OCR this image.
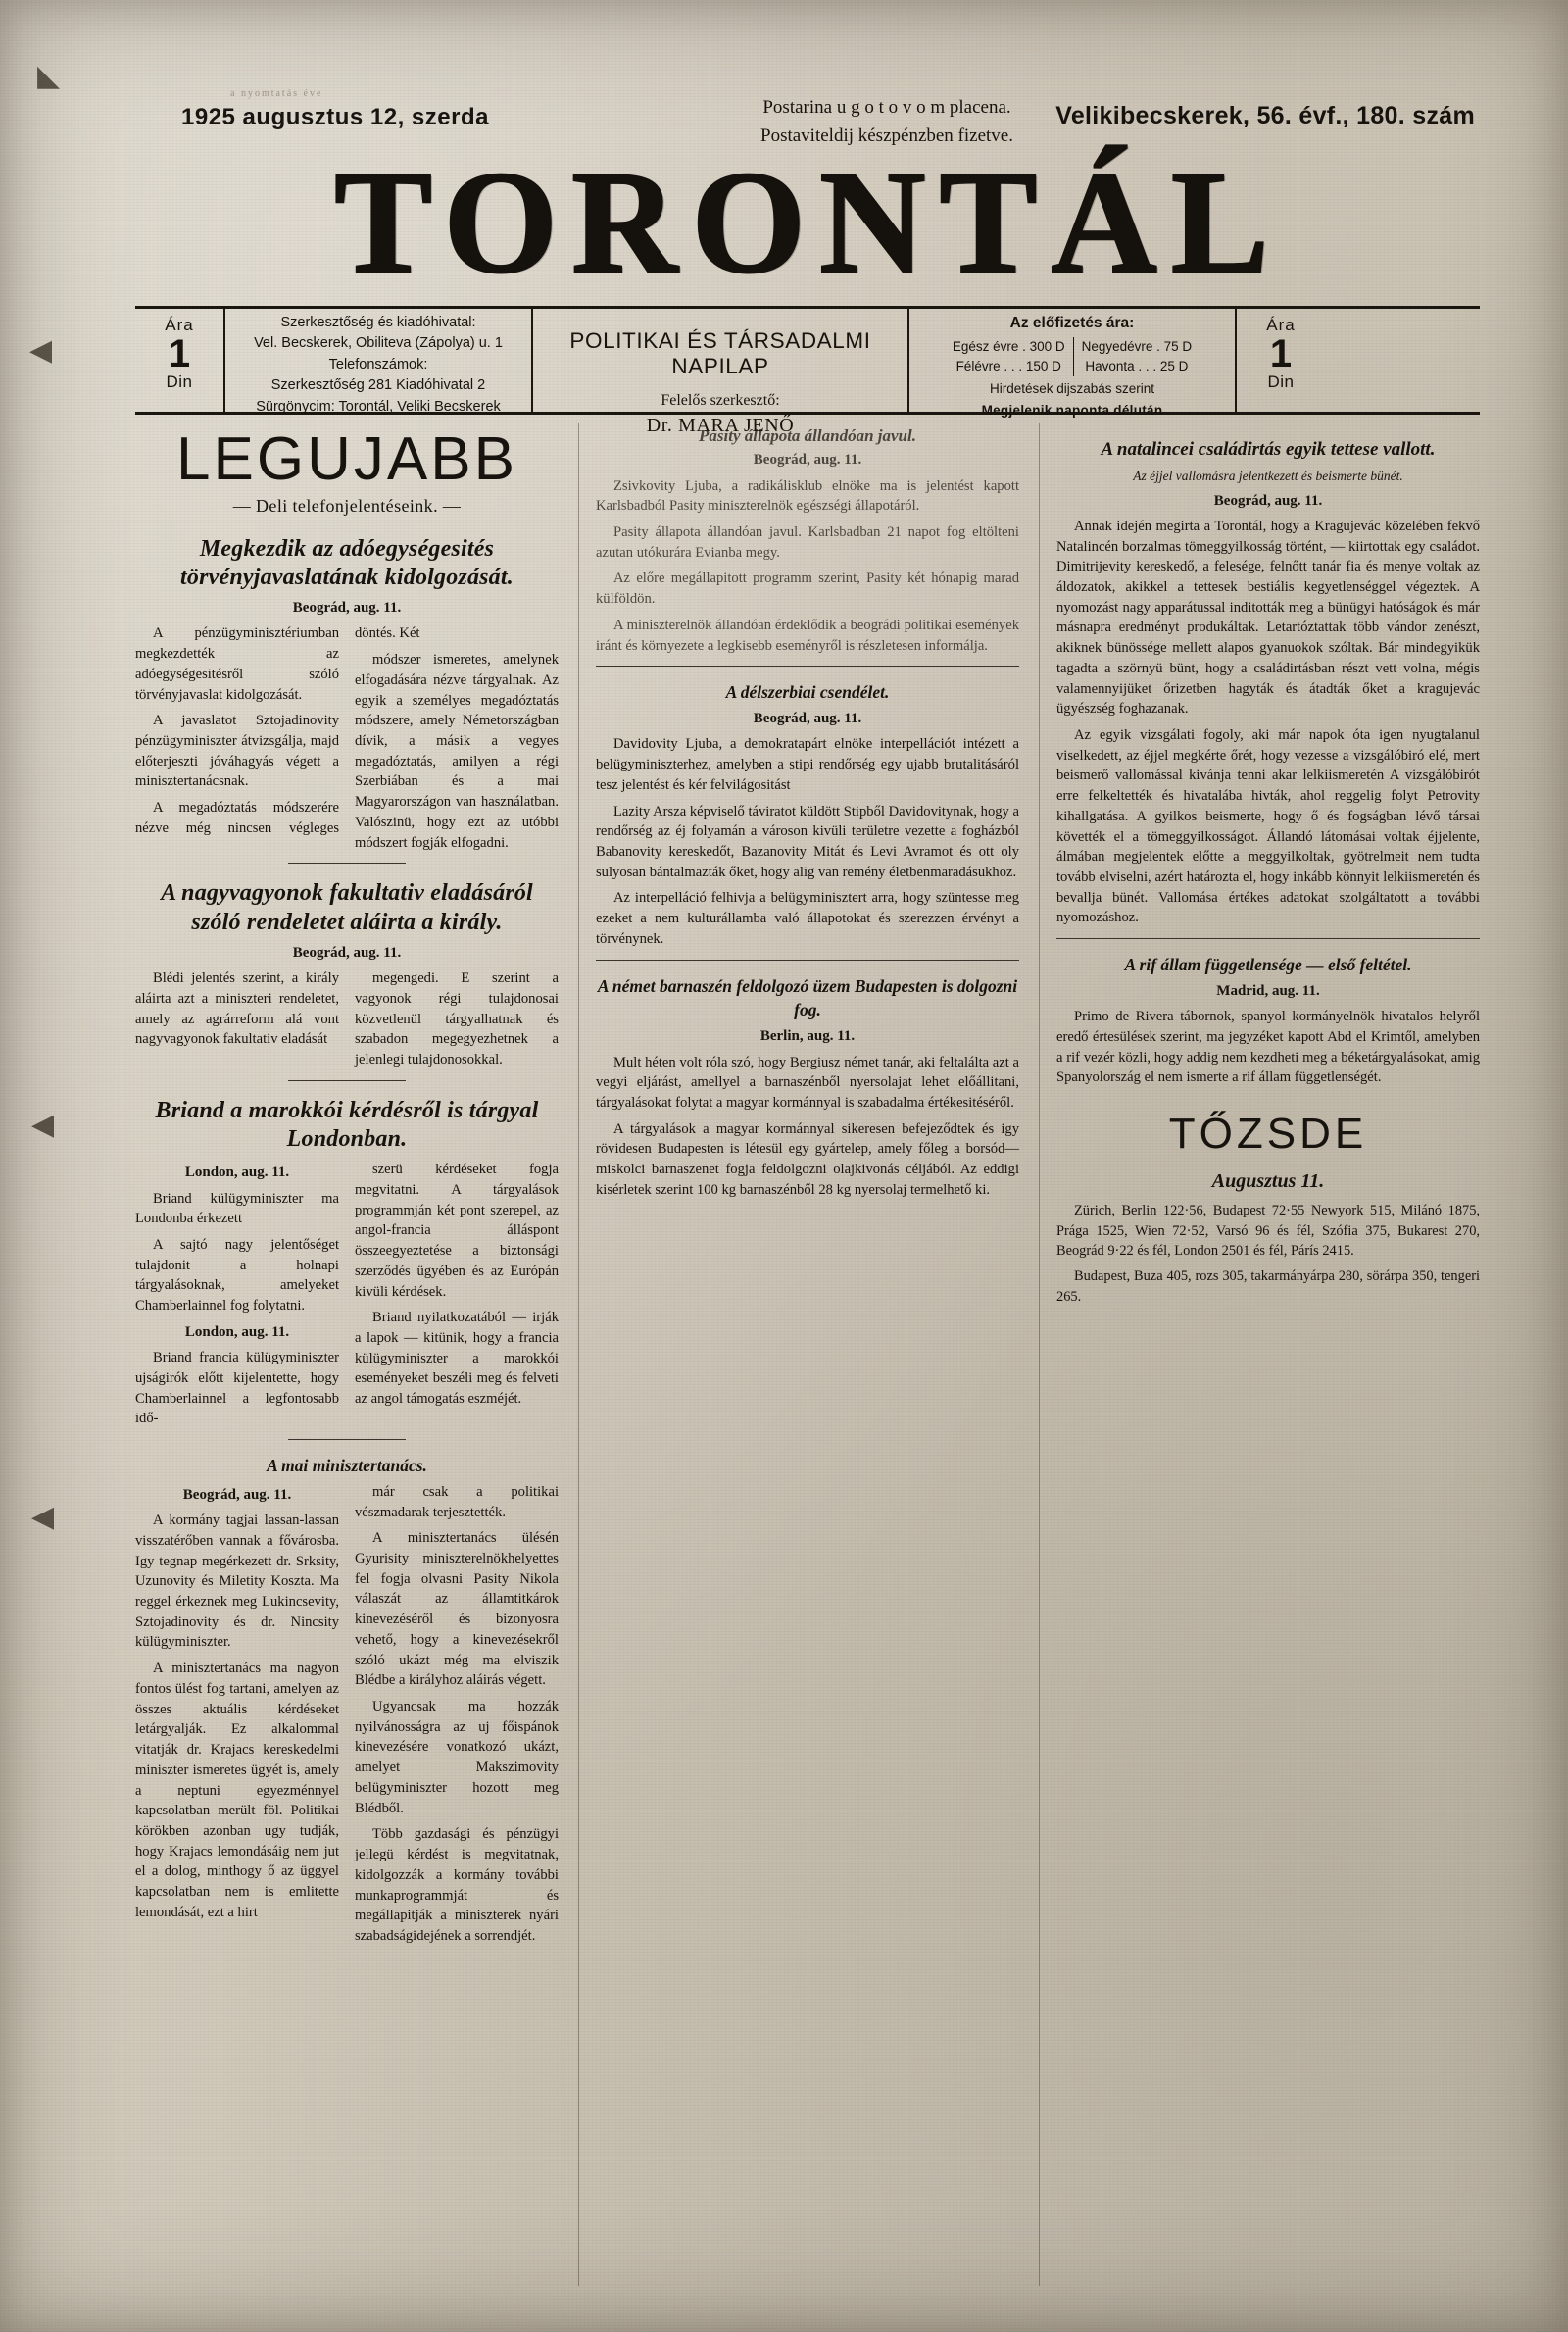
a nyomtatás éve
1925 augusztus 12, szerda	Postarina u g o t o v o m placena.
Postaviteldij készpénzben fizetve.
Velikibecskerek, 56. évf., 180. szám
TORONTÁL
Ára
1
Din
Szerkesztőség és kiadóhivatal:
Vel. Becskerek, Obiliteva (Zápolya) u. 1
Telefonszámok:
Szerkesztőség 281 Kiadóhivatal 2
Sürgönycim: Torontál, Veliki Becskerek
POLITIKAI ÉS TÁRSADALMI NAPILAP
Felelős szerkesztő:
Dr. MARA JENŐ
Az előfizetés ára:
Egész évre . 300 D
Félévre . . . 150 D
Negyedévre . 75 D
Havonta . . . 25 D
Hirdetések dijszabás szerint
Megjelenik naponta délután
Ára
1
Din
LEGUJABB
— Deli telefonjelentéseink. —
Megkezdik az adóegységesités törvényjavaslatának kidolgozását.
Beográd, aug. 11.

A pénzügyminisztériumban megkezdették az adóegységesitésről szóló törvényjavaslat kidolgozását.

A javaslatot Sztojadinovity pénzügyminiszter átvizsgálja, majd előterjeszti jóváhagyás végett a minisztertanácsnak.

A megadóztatás módszerére nézve még nincsen végleges döntés. Két

módszer ismeretes, amelynek elfogadására nézve tárgyalnak. Az egyik a személyes megadóztatás módszere, amely Németországban dívik, a másik a vegyes megadóztatás, amilyen a régi Szerbiában és a mai Magyarországon van használatban. Valószinü, hogy ezt az utóbbi módszert fogják elfogadni.

A nagyvagyonok fakultativ eladásáról szóló rendeletet aláirta a király.
Beográd, aug. 11.

Blédi jelentés szerint, a király aláirta azt a miniszteri rendeletet, amely az agrárreform alá vont nagyvagyonok fakultativ eladását

megengedi. E szerint a vagyonok régi tulajdonosai közvetlenül tárgyalhatnak és szabadon megegyezhetnek a jelenlegi tulajdonosokkal.

Briand a marokkói kérdésről is tárgyal Londonban.
London, aug. 11.

Briand külügyminiszter ma Londonba érkezett

A sajtó nagy jelentőséget tulajdonit a holnapi tárgyalásoknak, amelyeket Chamberlainnel fog folytatni.

London, aug. 11.

Briand francia külügyminiszter ujságirók előtt kijelentette, hogy Chamberlainnel a legfontosabb idő-

szerü kérdéseket fogja megvitatni. A tárgyalások programmján két pont szerepel, az angol-francia álláspont összeegyeztetése a biztonsági szerződés ügyében és az Európán kivüli kérdések.

Briand nyilatkozatából — irják a lapok — kitünik, hogy a francia külügyminiszter a marokkói eseményeket beszéli meg és felveti az angol támogatás eszméjét.

A mai minisztertanács.
Beográd, aug. 11.

A kormány tagjai lassan-lassan visszatérőben vannak a fővárosba. Igy tegnap megérkezett dr. Srksity, Uzunovity és Miletity Koszta. Ma reggel érkeznek meg Lukincsevity, Sztojadinovity és dr. Nincsity külügyminiszter.

A minisztertanács ma nagyon fontos ülést fog tartani, amelyen az összes aktuális kérdéseket letárgyalják. Ez alkalommal vitatják dr. Krajacs kereskedelmi miniszter ismeretes ügyét is, amely a neptuni egyezménnyel kapcsolatban merült föl. Politikai körökben azonban ugy tudják, hogy Krajacs lemondásáig nem jut el a dolog, minthogy ő az üggyel kapcsolatban nem is emlitette lemondását, ezt a hirt

már csak a politikai vészmadarak terjesztették.

A minisztertanács ülésén Gyurisity miniszterelnökhelyettes fel fogja olvasni Pasity Nikola válaszát az államtitkárok kinevezéséről és bizonyosra vehető, hogy a kinevezésekről szóló ukázt még ma elviszik Blédbe a királyhoz aláirás végett.

Ugyancsak ma hozzák nyilvánosságra az uj főispánok kinevezésére vonatkozó ukázt, amelyet Makszimovity belügyminiszter hozott meg Blédből.

Több gazdasági és pénzügyi jellegü kérdést is megvitatnak, kidolgozzák a kormány további munkaprogrammját és megállapitják a miniszterek nyári szabadságidejének a sorrendjét.

Pasity állapota állandóan javul.
Beográd, aug. 11.

Zsivkovity Ljuba, a radikálisklub elnöke ma is jelentést kapott Karlsbadból Pasity miniszterelnök egészségi állapotáról.

Pasity állapota állandóan javul. Karlsbadban 21 napot fog eltölteni azutan utókurára Evianba megy.

Az előre megállapitott programm szerint, Pasity két hónapig marad külföldön.

A miniszterelnök állandóan érdeklődik a beográdi politikai események iránt és környezete a legkisebb eseményről is részletesen informálja.

A délszerbiai csendélet.
Beográd, aug. 11.

Davidovity Ljuba, a demokratapárt elnöke interpellációt intézett a belügyminiszterhez, amelyben a stipi rendőrség egy ujabb brutalitásáról tesz jelentést és kér felvilágositást

Lazity Arsza képviselő táviratot küldött Stipből Davidovitynak, hogy a rendőrség az éj folyamán a városon kivüli területre vezette a fogházból Babanovity kereskedőt, Bazanovity Mitát és Levi Avramot és ott oly sulyosan bántalmazták őket, hogy alig van remény életbenmaradásukhoz.

Az interpelláció felhivja a belügyminisztert arra, hogy szüntesse meg ezeket a nem kulturállamba való állapotokat és szerezzen érvényt a törvénynek.

A német barnaszén feldolgozó üzem Budapesten is dolgozni fog.
Berlin, aug. 11.

Mult héten volt róla szó, hogy Bergiusz német tanár, aki feltalálta azt a vegyi eljárást, amellyel a barnaszénből nyersolajat lehet előállitani, tárgyalásokat folytat a magyar kormánnyal is szabadalma értékesitéséről.

A tárgyalások a magyar kormánnyal sikeresen befejeződtek és igy rövidesen Budapesten is létesül egy gyártelep, amely főleg a borsód—miskolci barnaszenet fogja feldolgozni olajkivonás céljából. Az eddigi kisérletek szerint 100 kg barnaszénből 28 kg nyersolaj termelhető ki.

A natalincei családirtás egyik tettese vallott.
Az éjjel vallomásra jelentkezett és beismerte bünét.
Beográd, aug. 11.

Annak idején megirta a Torontál, hogy a Kragujevác közelében fekvő Natalincén borzalmas tömeggyilkosság történt, — kiirtottak egy családot. Dimitrijevity kereskedő, a felesége, felnőtt tanár fia és menye voltak az áldozatok, akikkel a tettesek bestiális kegyetlenséggel végeztek. A nyomozást nagy apparátussal inditották meg a bünügyi hatóságok és már másnapra eredményt produkáltak. Letartóztattak több vándor zenészt, akiknek bünössége mellett alapos gyanuokok szóltak. Bár mindegyikük tagadta a szörnyü bünt, hogy a családirtásban részt vett volna, mégis valamennyijüket őrizetben hagyták és átadták őket a kragujevác ügyészség foghazanak.

Az egyik vizsgálati fogoly, aki már napok óta igen nyugtalanul viselkedett, az éjjel megkérte őrét, hogy vezesse a vizsgálóbiró elé, mert beismerő vallomással kivánja tenni akar lelkiismeretén A vizsgálóbirót erre felkeltették és hivatalába hivták, ahol reggelig folyt Petrovity kihallgatása. A gyilkos beismerte, hogy ő és fogságban lévő társai követték el a tömeggyilkosságot. Állandó látomásai voltak éjjelente, álmában megjelentek előtte a meggyilkoltak, gyötrelmeit nem tudta tovább elviselni, azért határozta el, hogy inkább könnyit lelkiismeretén és bevallja bünét. Vallomása értékes adatokat szolgáltatott a további nyomozáshoz.

A rif állam függetlensége — első feltétel.
Madrid, aug. 11.

Primo de Rivera tábornok, spanyol kormányelnök hivatalos helyről eredő értesülések szerint, ma jegyzéket kapott Abd el Krimtől, amelyben a rif vezér közli, hogy addig nem kezdheti meg a béketárgyalásokat, amig Spanyolország el nem ismerte a rif állam függetlenségét.

TŐZSDE
Augusztus 11.

Zürich, Berlin 122·56, Budapest 72·55 Newyork 515, Milánó 1875, Prága 1525, Wien 72·52, Varsó 96 és fél, Szófia 375, Bukarest 270, Beográd 9·22 és fél, London 2501 és fél, Párís 2415.

Budapest, Buza 405, rozs 305, takarmányárpa 280, sörárpa 350, tengeri 265.

◣
◀
◀
◀
